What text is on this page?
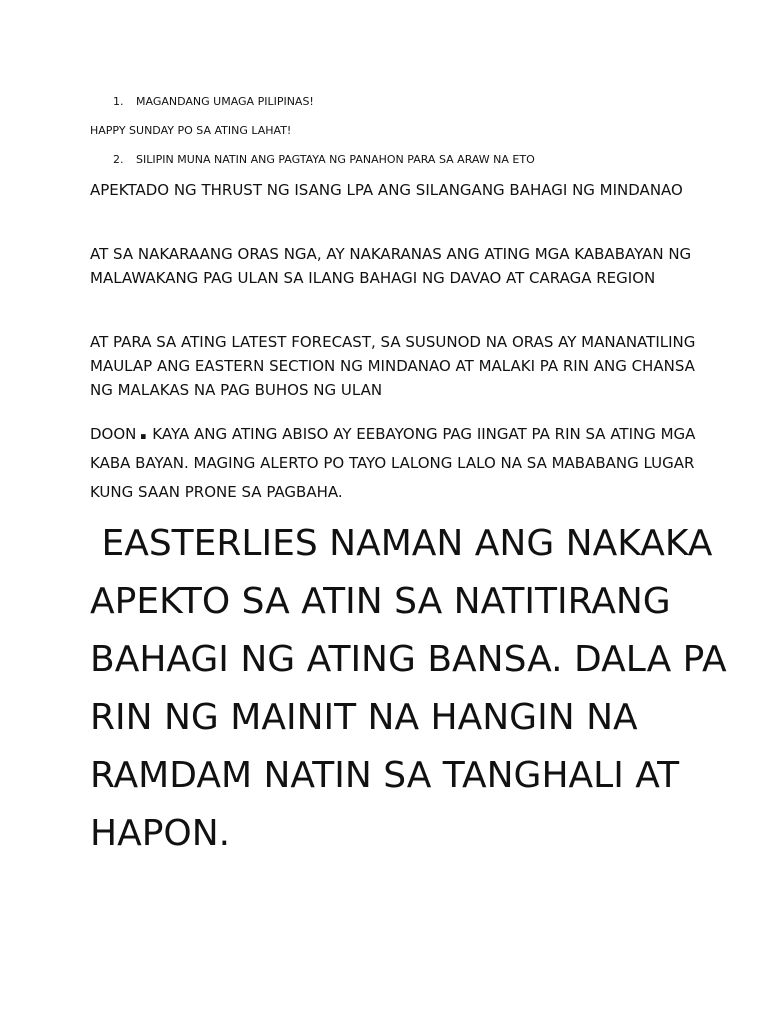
1. MAGANDANG UMAGA PILIPINAS!
HAPPY SUNDAY PO SA ATING LAHAT!
2. SILIPIN MUNA NATIN ANG PAGTAYA NG PANAHON PARA SA ARAW NA ETO

APEKTADO NG THRUST NG ISANG LPA ANG SILANGANG BAHAGI NG MINDANAO

AT SA NAKARAANG ORAS NGA, AY NAKARANAS ANG ATING MGA KABABAYAN NG MALAWAKANG PAG ULAN SA ILANG BAHAGI NG DAVAO AT CARAGA REGION

AT PARA SA ATING LATEST FORECAST, SA SUSUNOD NA ORAS AY MANANATILING MAULAP ANG EASTERN SECTION NG MINDANAO AT MALAKI PA RIN ANG CHANSA NG MALAKAS NA PAG BUHOS NG ULAN

DOON. KAYA ANG ATING ABISO AY EEBAYONG PAG IINGAT PA RIN SA ATING MGA KABA BAYAN. MAGING ALERTO PO TAYO LALONG LALO NA SA MABABANG LUGAR KUNG SAAN PRONE SA PAGBAHA.

EASTERLIES NAMAN ANG NAKAKA  APEKTO SA ATIN SA NATITIRANG BAHAGI NG ATING BANSA. DALA PA RIN NG MAINIT NA HANGIN NA RAMDAM NATIN SA TANGHALI AT HAPON.
